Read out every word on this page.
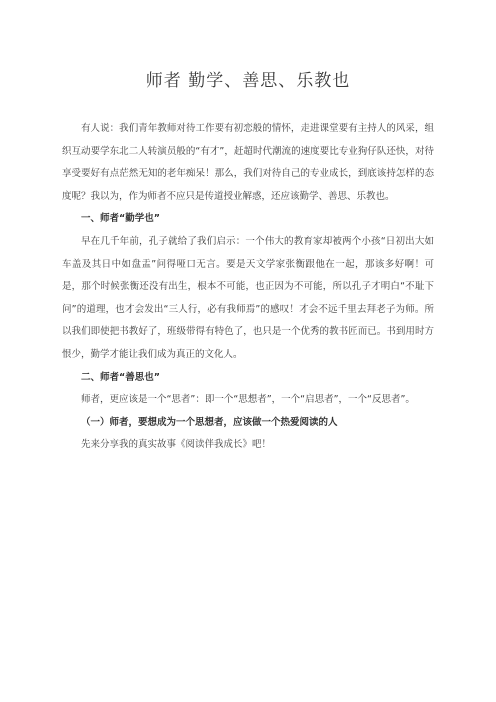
师者 勤学、善思、乐教也

有人说：我们青年教师对待工作要有初恋般的情怀，走进课堂要有主持人的风采，组织互动要学东北二人转演员般的“有才”，赶超时代潮流的速度要比专业狗仔队还快，对待享受要好有点茫然无知的老年痴呆！那么，我们对待自己的专业成长，到底该持怎样的态度呢？我以为，作为师者不应只是传道授业解惑，还应该勤学、善思、乐教也。

一、师者“勤学也”

早在几千年前，孔子就给了我们启示：一个伟大的教育家却被两个小孩“日初出大如车盖及其日中如盘盂”问得哑口无言。要是天文学家张衡跟他在一起，那该多好啊！可是，那个时候张衡还没有出生，根本不可能，也正因为不可能，所以孔子才明白“不耻下问”的道理，也才会发出“三人行，必有我师焉”的感叹！才会不远千里去拜老子为师。所以我们即使把书教好了，班级带得有特色了，也只是一个优秀的教书匠而已。书到用时方恨少，勤学才能让我们成为真正的文化人。

二、师者“善思也”

师者，更应该是一个“思者”：即一个“思想者”，一个“启思者”，一个“反思者”。

（一）师者，要想成为一个思想者，应该做一个热爱阅读的人

先来分享我的真实故事《阅读伴我成长》吧！
